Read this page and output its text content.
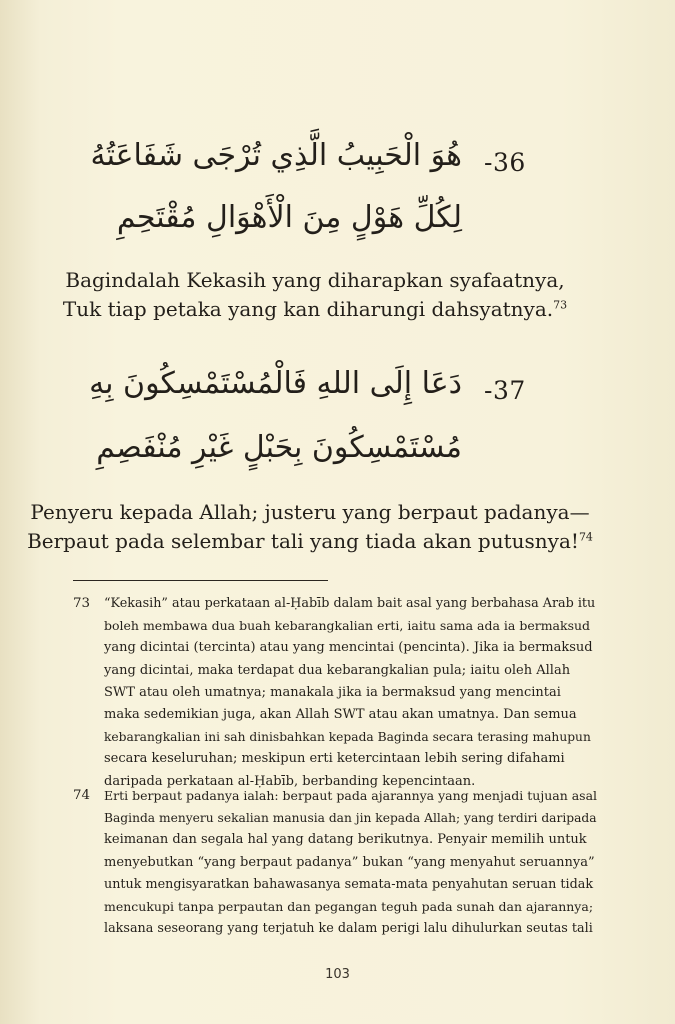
-36
هُوَ الْحَبِيبُ الَّذِي تُرْجَى شَفَاعَتُهُ
لِكُلِّ هَوْلٍ مِنَ الْأَهْوَالِ مُقْتَحِمِ
Bagindalah Kekasih yang diharapkan syafaatnya,
Tuk tiap petaka yang kan diharungi dahsyatnya.$^{73}$
-37
دَعَا إِلَى اللهِ فَالْمُسْتَمْسِكُونَ بِهِ
مُسْتَمْسِكُونَ بِحَبْلٍ غَيْرِ مُنْفَصِمِ
Penyeru kepada Allah; justeru yang berpaut padanya—
Berpaut pada selembar tali yang tiada akan putusnya!$^{74}$
73 “Kekasih” atau perkataan al-Ḥabīb dalam bait asal yang berbahasa Arab itu
boleh membawa dua buah kebarangkalian erti, iaitu sama ada ia bermaksud
yang dicintai (tercinta) atau yang mencintai (pencinta). Jika ia bermaksud
yang dicintai, maka terdapat dua kebarangkalian pula; iaitu oleh Allah
SWT atau oleh umatnya; manakala jika ia bermaksud yang mencintai
maka sedemikian juga, akan Allah SWT atau akan umatnya. Dan semua
kebarangkalian ini sah dinisbahkan kepada Baginda secara terasing mahupun
secara keseluruhan; meskipun erti ketercintaan lebih sering difahami
daripada perkataan al-Ḥabīb, berbanding kepencintaan.
74 Erti berpaut padanya ialah: berpaut pada ajarannya yang menjadi tujuan asal
Baginda menyeru sekalian manusia dan jin kepada Allah; yang terdiri daripada
keimanan dan segala hal yang datang berikutnya. Penyair memilih untuk
menyebutkan “yang berpaut padanya” bukan “yang menyahut seruannya”
untuk mengisyaratkan bahawasanya semata-mata penyahutan seruan tidak
mencukupi tanpa perpautan dan pegangan teguh pada sunah dan ajarannya;
laksana seseorang yang terjatuh ke dalam perigi lalu dihulurkan seutas tali
103
